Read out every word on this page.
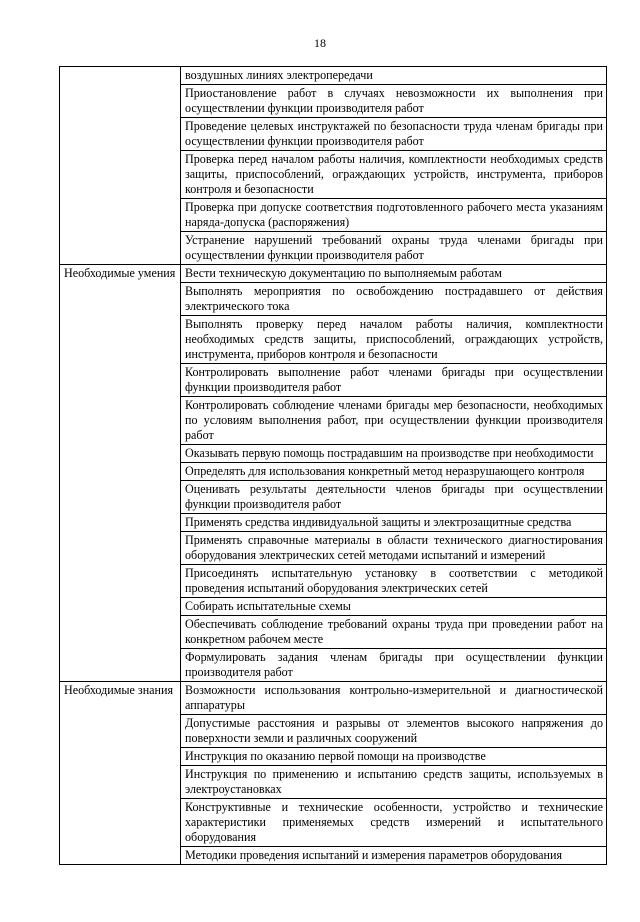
18
	воздушных линиях электропередачи
	Приостановление работ в случаях невозможности их выполнения при осуществлении функции производителя работ
	Проведение целевых инструктажей по безопасности труда членам бригады при осуществлении функции производителя работ
	Проверка перед началом работы наличия, комплектности необходимых средств защиты, приспособлений, ограждающих устройств, инструмента, приборов контроля и безопасности
	Проверка при допуске соответствия подготовленного рабочего места указаниям наряда-допуска (распоряжения)
	Устранение нарушений требований охраны труда членами бригады при осуществлении функции производителя работ
Необходимые умения	Вести техническую документацию по выполняемым работам
	Выполнять мероприятия по освобождению пострадавшего от действия электрического тока
	Выполнять проверку перед началом работы наличия, комплектности необходимых средств защиты, приспособлений, ограждающих устройств, инструмента, приборов контроля и безопасности
	Контролировать выполнение работ членами бригады при осуществлении функции производителя работ
	Контролировать соблюдение членами бригады мер безопасности, необходимых по условиям выполнения работ, при осуществлении функции производителя работ
	Оказывать первую помощь пострадавшим на производстве при необходимости
	Определять для использования конкретный метод неразрушающего контроля
	Оценивать результаты деятельности членов бригады при осуществлении функции производителя работ
	Применять средства индивидуальной защиты и электрозащитные средства
	Применять справочные материалы в области технического диагностирования оборудования электрических сетей методами испытаний и измерений
	Присоединять испытательную установку в соответствии с методикой проведения испытаний оборудования электрических сетей
	Собирать испытательные схемы
	Обеспечивать соблюдение требований охраны труда при проведении работ на конкретном рабочем месте
	Формулировать задания членам бригады при осуществлении функции производителя работ
Необходимые знания	Возможности использования контрольно-измерительной и диагностической аппаратуры
	Допустимые расстояния и разрывы от элементов высокого напряжения до поверхности земли и различных сооружений
	Инструкция по оказанию первой помощи на производстве
	Инструкция по применению и испытанию средств защиты, используемых в электроустановках
	Конструктивные и технические особенности, устройство и технические характеристики применяемых средств измерений и испытательного оборудования
	Методики проведения испытаний и измерения параметров оборудования
